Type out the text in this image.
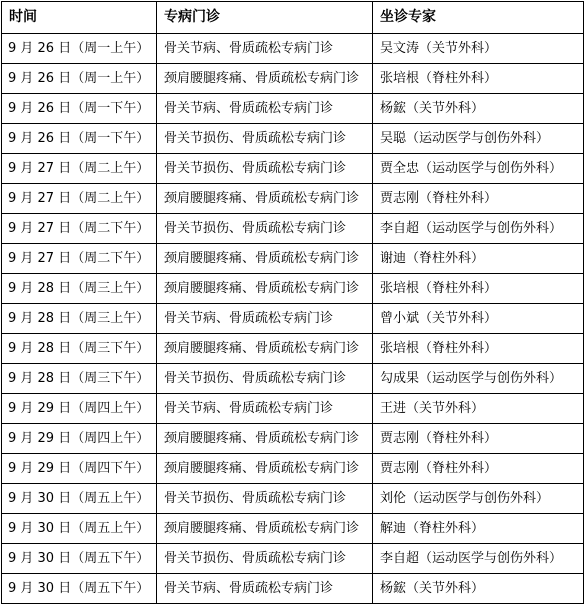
时间	专病门诊	坐诊专家
9 月 26 日（周一上午）	骨关节病、骨质疏松专病门诊	吴文涛（关节外科）
9 月 26 日（周一上午）	颈肩腰腿疼痛、骨质疏松专病门诊	张培根（脊柱外科）
9 月 26 日（周一下午）	骨关节病、骨质疏松专病门诊	杨鋐（关节外科）
9 月 26 日（周一下午）	骨关节损伤、骨质疏松专病门诊	吴聪（运动医学与创伤外科）
9 月 27 日（周二上午）	骨关节损伤、骨质疏松专病门诊	贾全忠（运动医学与创伤外科）
9 月 27 日（周二上午）	颈肩腰腿疼痛、骨质疏松专病门诊	贾志刚（脊柱外科）
9 月 27 日（周二下午）	骨关节损伤、骨质疏松专病门诊	李自超（运动医学与创伤外科）
9 月 27 日（周二下午）	颈肩腰腿疼痛、骨质疏松专病门诊	谢迪（脊柱外科）
9 月 28 日（周三上午）	颈肩腰腿疼痛、骨质疏松专病门诊	张培根（脊柱外科）
9 月 28 日（周三上午）	骨关节病、骨质疏松专病门诊	曾小斌（关节外科）
9 月 28 日（周三下午）	颈肩腰腿疼痛、骨质疏松专病门诊	张培根（脊柱外科）
9 月 28 日（周三下午）	骨关节损伤、骨质疏松专病门诊	勾成果（运动医学与创伤外科）
9 月 29 日（周四上午）	骨关节病、骨质疏松专病门诊	王进（关节外科）
9 月 29 日（周四上午）	颈肩腰腿疼痛、骨质疏松专病门诊	贾志刚（脊柱外科）
9 月 29 日（周四下午）	颈肩腰腿疼痛、骨质疏松专病门诊	贾志刚（脊柱外科）
9 月 30 日（周五上午）	骨关节损伤、骨质疏松专病门诊	刘伦（运动医学与创伤外科）
9 月 30 日（周五上午）	颈肩腰腿疼痛、骨质疏松专病门诊	解迪（脊柱外科）
9 月 30 日（周五下午）	骨关节损伤、骨质疏松专病门诊	李自超（运动医学与创伤外科）
9 月 30 日（周五下午）	骨关节病、骨质疏松专病门诊	杨鋐（关节外科）
